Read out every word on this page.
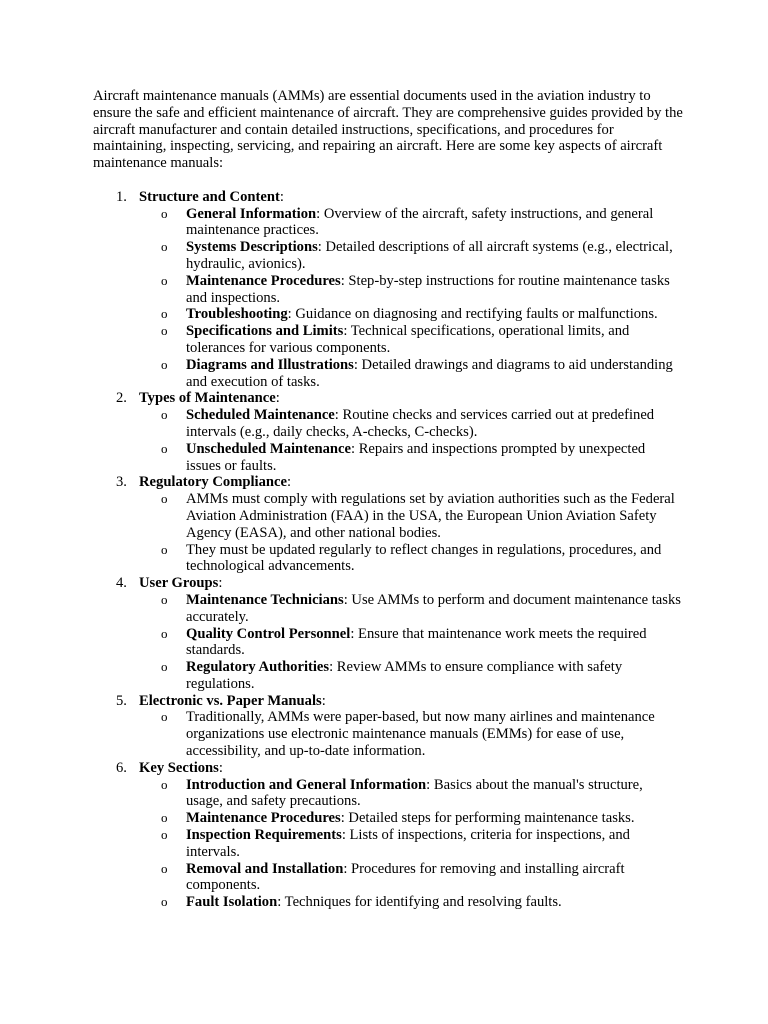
Aircraft maintenance manuals (AMMs) are essential documents used in the aviation industry to ensure the safe and efficient maintenance of aircraft. They are comprehensive guides provided by the aircraft manufacturer and contain detailed instructions, specifications, and procedures for maintaining, inspecting, servicing, and repairing an aircraft. Here are some key aspects of aircraft maintenance manuals:

1. Structure and Content:
o General Information: Overview of the aircraft, safety instructions, and general maintenance practices.
o Systems Descriptions: Detailed descriptions of all aircraft systems (e.g., electrical, hydraulic, avionics).
o Maintenance Procedures: Step-by-step instructions for routine maintenance tasks and inspections.
o Troubleshooting: Guidance on diagnosing and rectifying faults or malfunctions.
o Specifications and Limits: Technical specifications, operational limits, and tolerances for various components.
o Diagrams and Illustrations: Detailed drawings and diagrams to aid understanding and execution of tasks.
2. Types of Maintenance:
o Scheduled Maintenance: Routine checks and services carried out at predefined intervals (e.g., daily checks, A-checks, C-checks).
o Unscheduled Maintenance: Repairs and inspections prompted by unexpected issues or faults.
3. Regulatory Compliance:
o AMMs must comply with regulations set by aviation authorities such as the Federal Aviation Administration (FAA) in the USA, the European Union Aviation Safety Agency (EASA), and other national bodies.
o They must be updated regularly to reflect changes in regulations, procedures, and technological advancements.
4. User Groups:
o Maintenance Technicians: Use AMMs to perform and document maintenance tasks accurately.
o Quality Control Personnel: Ensure that maintenance work meets the required standards.
o Regulatory Authorities: Review AMMs to ensure compliance with safety regulations.
5. Electronic vs. Paper Manuals:
o Traditionally, AMMs were paper-based, but now many airlines and maintenance organizations use electronic maintenance manuals (EMMs) for ease of use, accessibility, and up-to-date information.
6. Key Sections:
o Introduction and General Information: Basics about the manual's structure, usage, and safety precautions.
o Maintenance Procedures: Detailed steps for performing maintenance tasks.
o Inspection Requirements: Lists of inspections, criteria for inspections, and intervals.
o Removal and Installation: Procedures for removing and installing aircraft components.
o Fault Isolation: Techniques for identifying and resolving faults.
